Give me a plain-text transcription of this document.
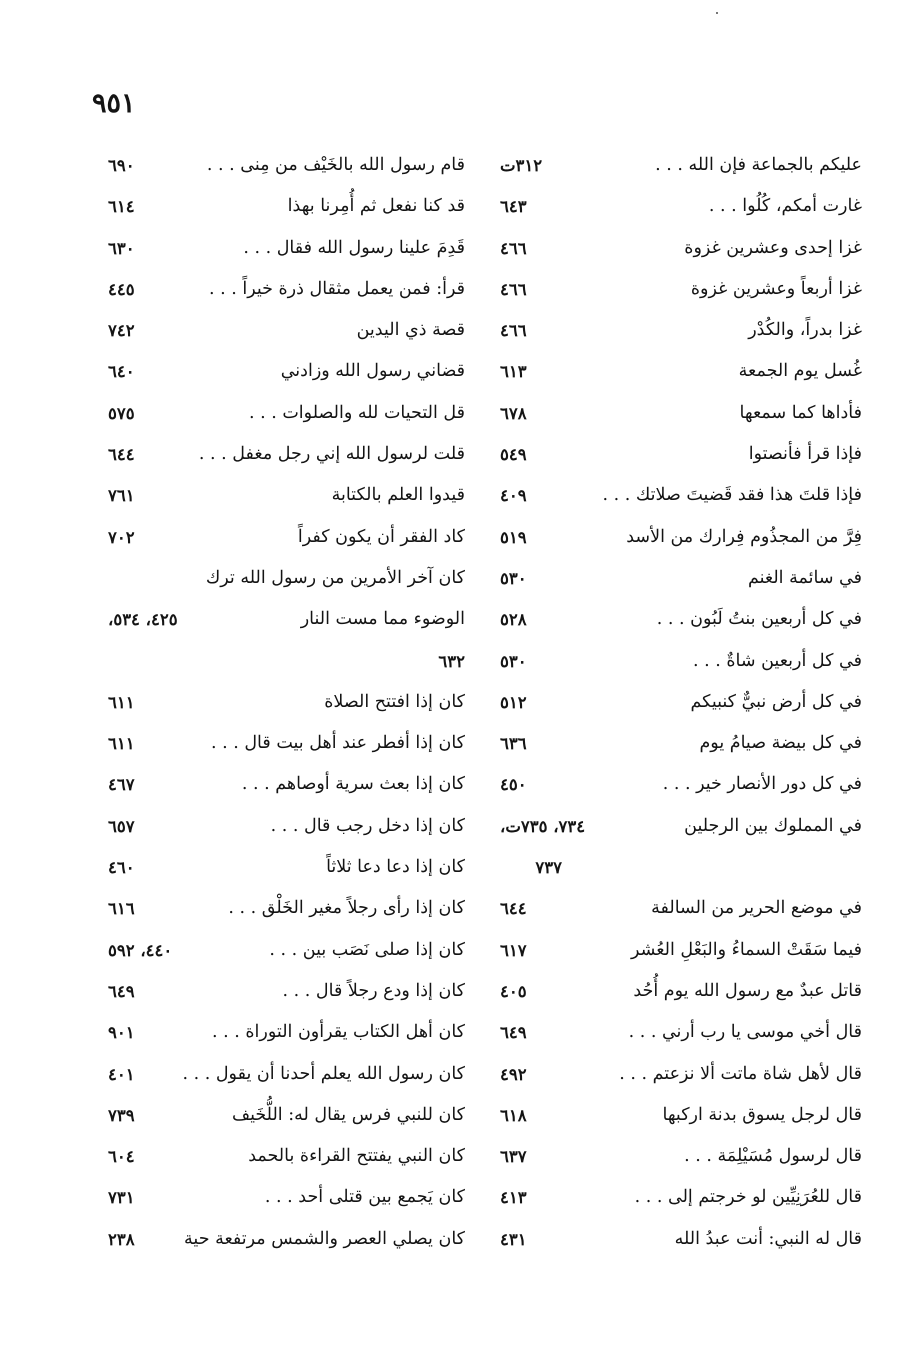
٩٥١
عليكم بالجماعة فإن الله . . .
٣١٢ت
غارت أمكم، كُلُوا . . .
٦٤٣
غزا إحدى وعشرين غزوة
٤٦٦
غزا أربعاً وعشرين غزوة
٤٦٦
غزا بدراً، والكُدْر
٤٦٦
غُسل يوم الجمعة
٦١٣
فأداها كما سمعها
٦٧٨
فإذا قرأ فأنصتوا
٥٤٩
فإذا قلتَ هذا فقد قَضيتَ صلاتك . . .
٤٠٩
فِرَّ من المجذُوم فِرارك من الأسد
٥١٩
في سائمة الغنم
٥٣٠
في كل أربعين بنتُ لَبُون . . .
٥٢٨
في كل أربعين شاةٌ . . .
٥٣٠
في كل أرض نبيٌّ كنبيكم
٥١٢
في كل بيضة صيامُ يوم
٦٣٦
في كل دور الأنصار خير . . .
٤٥٠
في المملوك بين الرجلين
٧٣٤، ٧٣٥ت،
٧٣٧
في موضع الحرير من السالفة
٦٤٤
فيما سَقَتْ السماءُ والبَعْلِ العُشر
٦١٧
قاتل عبدٌ مع رسول الله يوم أُحُد
٤٠٥
قال أخي موسى يا رب أرني . . .
٦٤٩
قال لأهل شاة ماتت ألا نزعتم . . .
٤٩٢
قال لرجل يسوق بدنة اركبها
٦١٨
قال لرسول مُسَيْلِمَة . . .
٦٣٧
قال للعُرَنِيِّين لو خرجتم إلى . . .
٤١٣
قال له النبي: أنت عبدُ الله
٤٣١
قام رسول الله بالخَيْف من مِنى . . .
٦٩٠
قد كنا نفعل ثم أُمِرنا بهذا
٦١٤
قَدِمَ علينا رسول الله فقال . . .
٦٣٠
قرأ: فمن يعمل مثقال ذرة خيراً . . .
٤٤٥
قصة ذي اليدين
٧٤٢
قضاني رسول الله وزادني
٦٤٠
قل التحيات لله والصلوات . . .
٥٧٥
قلت لرسول الله إني رجل مغفل . . .
٦٤٤
قيدوا العلم بالكتابة
٧٦١
كاد الفقر أن يكون كفراً
٧٠٢
كان آخر الأمرين من رسول الله ترك
الوضوء مما مست النار
٤٢٥، ٥٣٤،
٦٣٢
كان إذا افتتح الصلاة
٦١١
كان إذا أفطر عند أهل بيت قال . . .
٦١١
كان إذا بعث سرية أوصاهم . . .
٤٦٧
كان إذا دخل رجب قال . . .
٦٥٧
كان إذا دعا دعا ثلاثاً
٤٦٠
كان إذا رأى رجلاً مغير الخَلْق . . .
٦١٦
كان إذا صلى نَصَب بين . . .
٤٤٠، ٥٩٢
كان إذا ودع رجلاً قال . . .
٦٤٩
كان أهل الكتاب يقرأون التوراة . . .
٩٠١
كان رسول الله يعلم أحدنا أن يقول . . .
٤٠١
كان للنبي فرس يقال له: اللُّخَيف
٧٣٩
كان النبي يفتتح القراءة بالحمد
٦٠٤
كان يَجمع بين قتلى أحد . . .
٧٣١
كان يصلي العصر والشمس مرتفعة حية
٢٣٨
